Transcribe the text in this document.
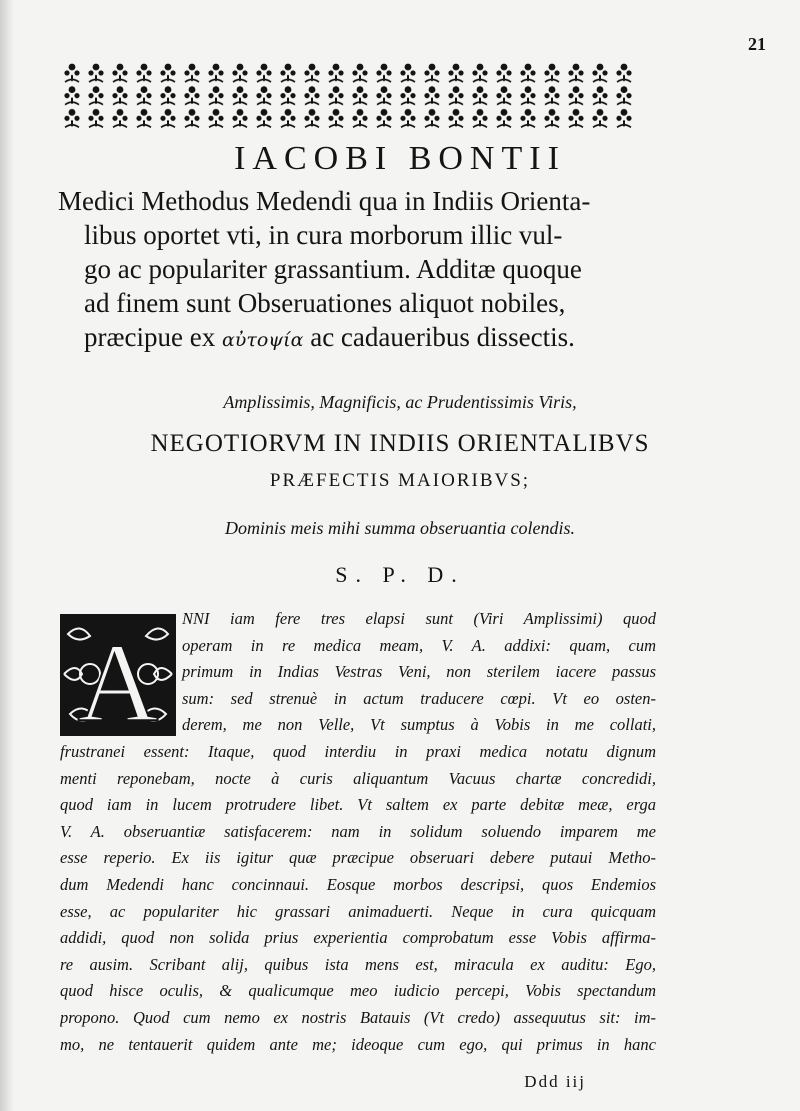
21
IACOBI BONTII
Medici Methodus Medendi qua in Indiis Orienta-
libus oportet vti, in cura morborum illic vul-
go ac populariter grassantium. Additæ quoque
ad finem sunt Obseruationes aliquot nobiles,
præcipue ex αὐτοψία ac cadaueribus dissectis.
Amplissimis, Magnificis, ac Prudentissimis Viris,
NEGOTIORVM IN INDIIS ORIENTALIBVS
PRÆFECTIS MAIORIBVS;
Dominis meis mihi summa obseruantia colendis.
S. P. D.
A
NNI iam fere tres elapsi sunt (Viri Amplissimi) quod
operam in re medica meam, V. A. addixi: quam, cum
primum in Indias Vestras Veni, non sterilem iacere passus
sum: sed strenuè in actum traducere cœpi. Vt eo osten-
derem, me non Velle, Vt sumptus à Vobis in me collati,
frustranei essent: Itaque, quod interdiu in praxi medica notatu dignum
menti reponebam, nocte à curis aliquantum Vacuus chartæ concredidi,
quod iam in lucem protrudere libet. Vt saltem ex parte debitæ meæ, erga
V. A. obseruantiæ satisfacerem: nam in solidum soluendo imparem me
esse reperio. Ex iis igitur quæ præcipue obseruari debere putaui Metho-
dum Medendi hanc concinnaui. Eosque morbos descripsi, quos Endemios
esse, ac populariter hic grassari animaduerti. Neque in cura quicquam
addidi, quod non solida prius experientia comprobatum esse Vobis affirma-
re ausim. Scribant alij, quibus ista mens est, miracula ex auditu: Ego,
quod hisce oculis, & qualicumque meo iudicio percepi, Vobis spectandum
propono. Quod cum nemo ex nostris Batauis (Vt credo) assequutus sit: im-
mo, ne tentauerit quidem ante me; ideoque cum ego, qui primus in hanc
Ddd iij
